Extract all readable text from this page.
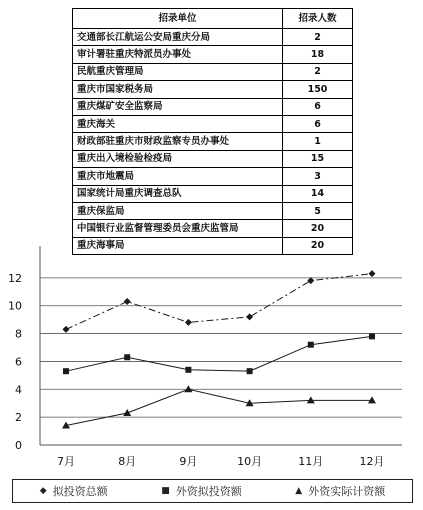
招录单位	招录人数
交通部长江航运公安局重庆分局	2
审计署驻重庆特派员办事处	18
民航重庆管理局	2
重庆市国家税务局	150
重庆煤矿安全监察局	6
重庆海关	6
财政部驻重庆市财政监察专员办事处	1
重庆出入境检验检疫局	15
重庆市地震局	3
国家统计局重庆调查总队	14
重庆保监局	5
中国银行业监督管理委员会重庆监管局	20
重庆海事局	20
0
2
4
6
8
10
12
7月	8月	9月	10月	11月	12月
◆ 拟投资总额	■ 外资拟投资额	▲ 外资实际计资额
